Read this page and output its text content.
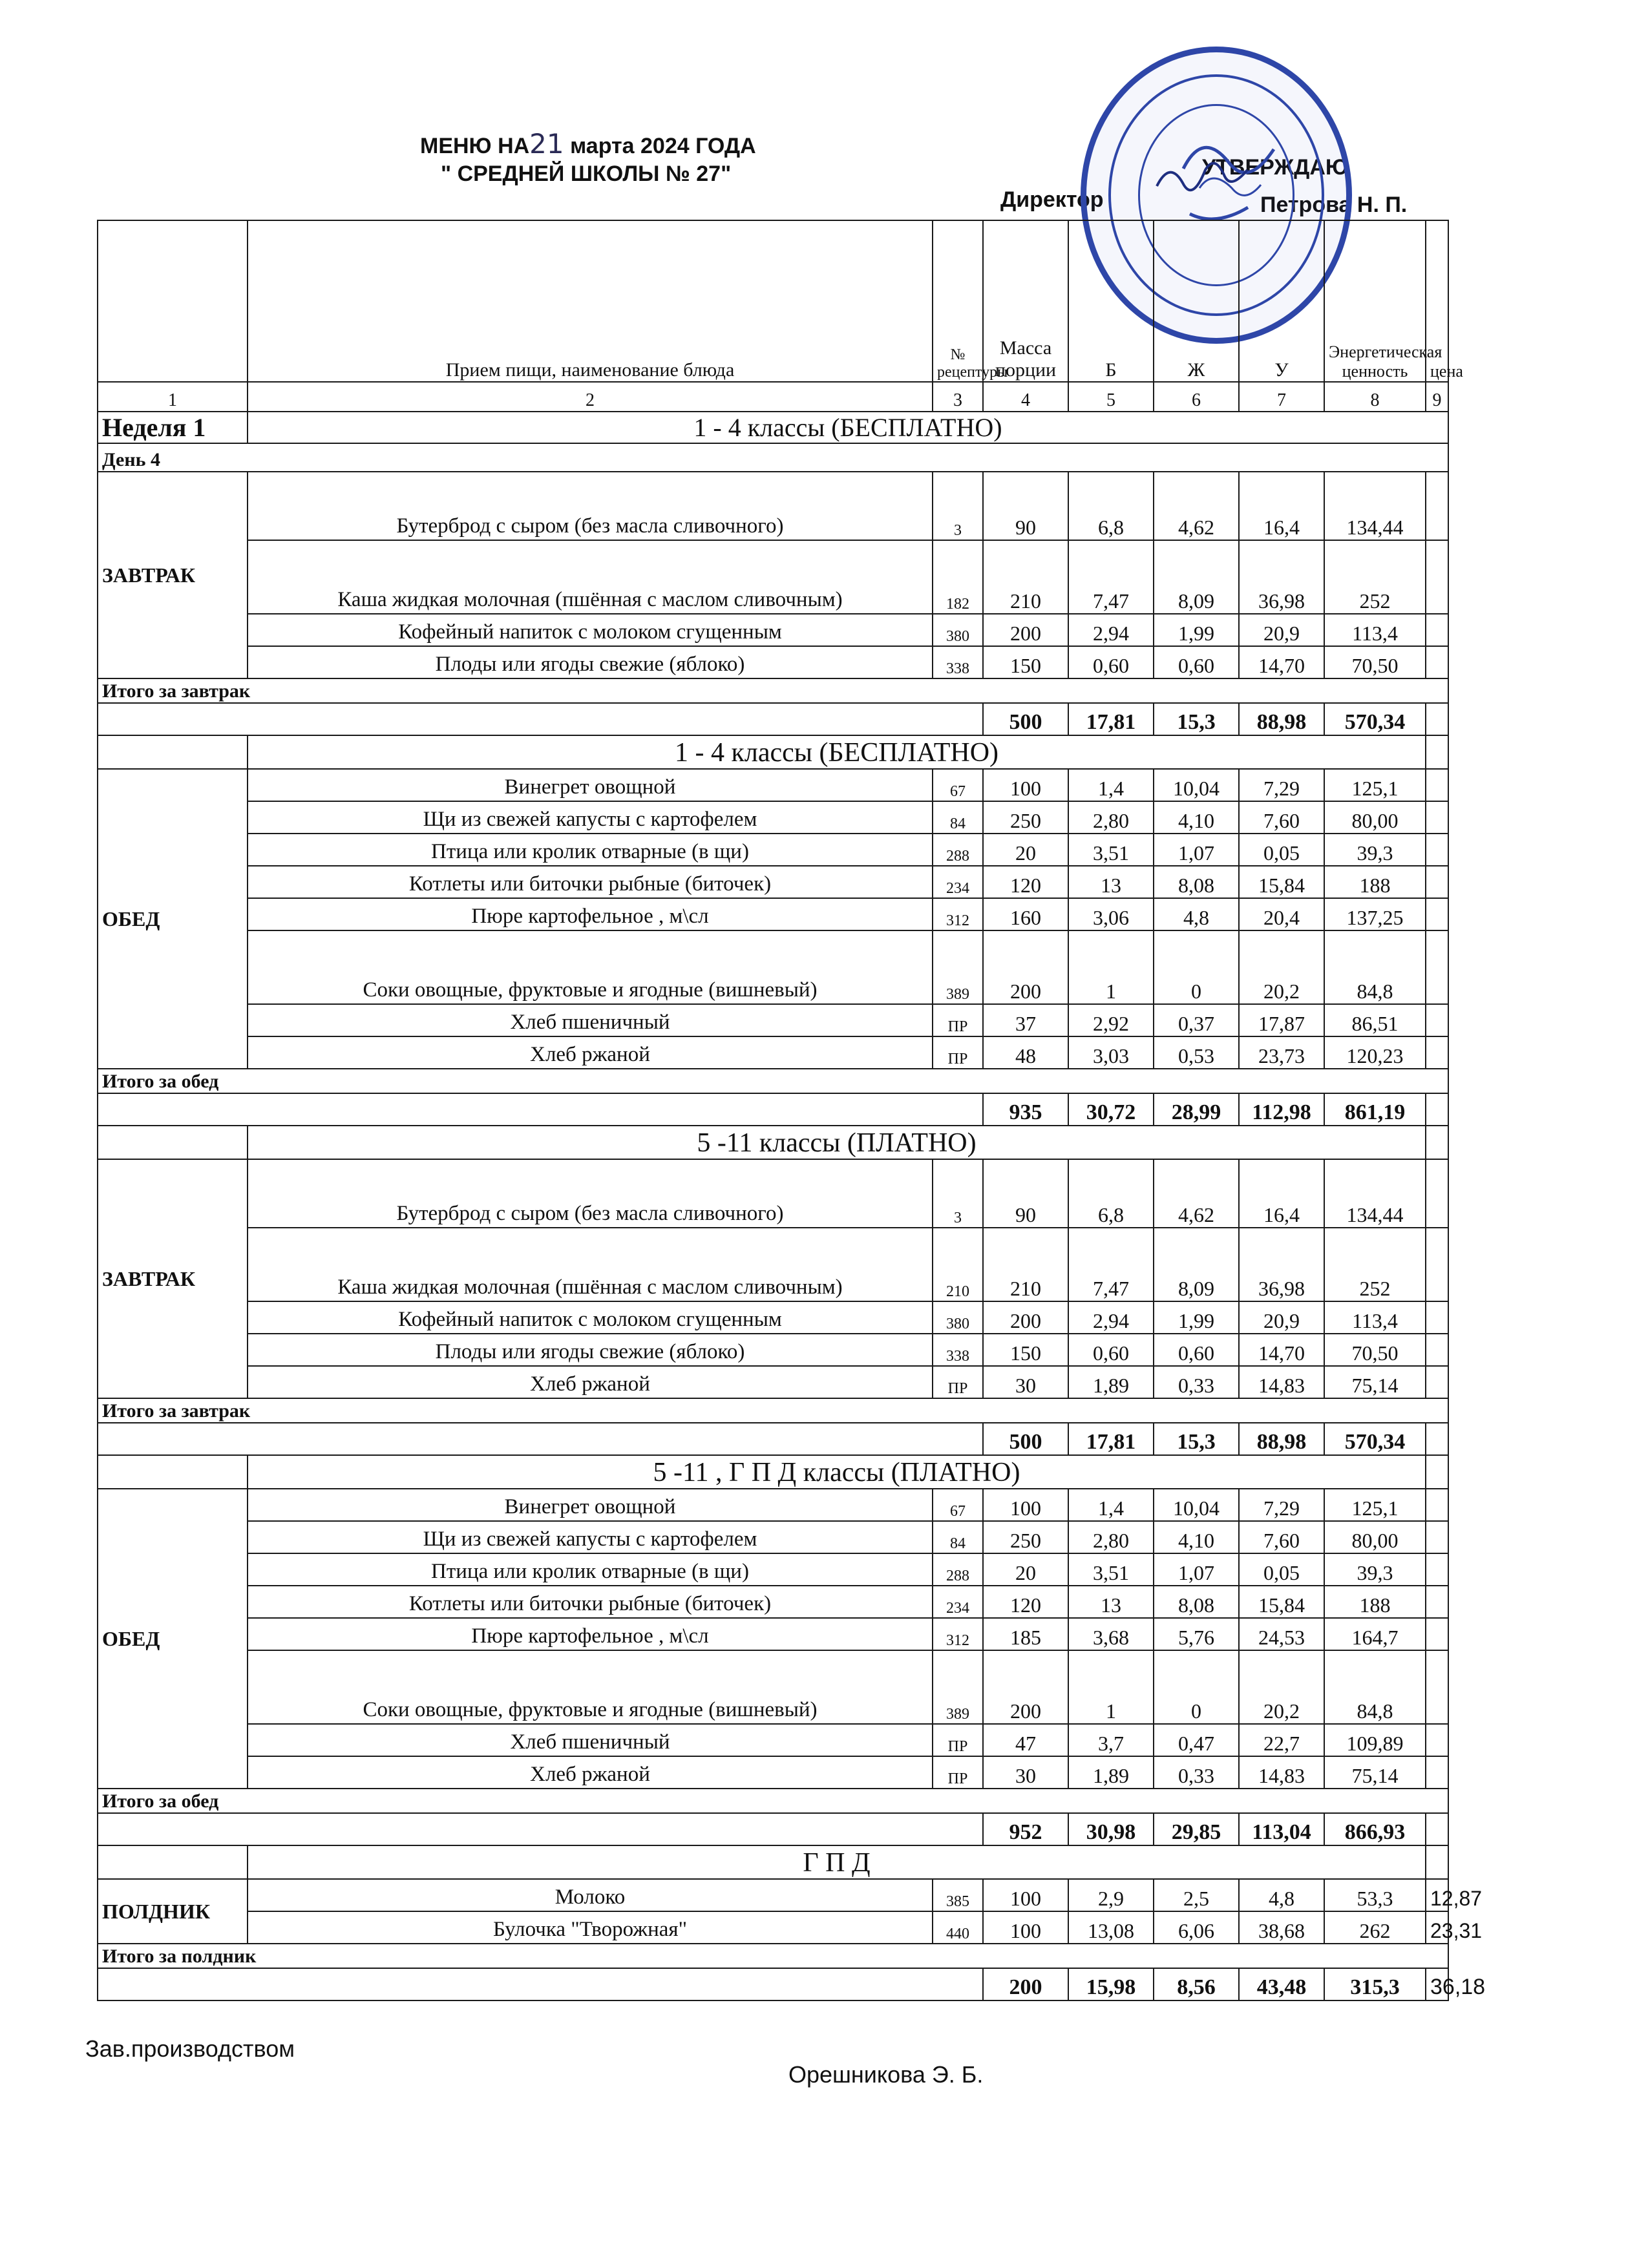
МЕНЮ НА21 марта 2024 ГОДА
" СРЕДНЕЙ ШКОЛЫ № 27"	УТВЕРЖДАЮ
Директор	Петрова Н. П.
	Прием пищи, наименование блюда	№ рецептуры	Масса порции	Б	Ж	У	Энергетическая ценность	цена
1	2	3	4	5	6	7	8	9
Неделя 1	1 - 4 классы (БЕСПЛАТНО)							
День 4								
ЗАВТРАК	Бутерброд с сыром (без масла сливочного)	3	90	6,8	4,62	16,4	134,44	
	Каша жидкая молочная (пшённая с маслом сливочным)	182	210	7,47	8,09	36,98	252	
	Кофейный напиток с молоком сгущенным	380	200	2,94	1,99	20,9	113,4	
	Плоды или ягоды свежие (яблоко)	338	150	0,60	0,60	14,70	70,50	
Итого за завтрак								
			500	17,81	15,3	88,98	570,34	
	1 - 4 классы (БЕСПЛАТНО)							
ОБЕД	Винегрет овощной	67	100	1,4	10,04	7,29	125,1	
	Щи из свежей капусты с картофелем	84	250	2,80	4,10	7,60	80,00	
	Птица или кролик отварные (в щи)	288	20	3,51	1,07	0,05	39,3	
	Котлеты или биточки рыбные (биточек)	234	120	13	8,08	15,84	188	
	Пюре картофельное , м\сл	312	160	3,06	4,8	20,4	137,25	
	Соки овощные, фруктовые и ягодные (вишневый)	389	200	1	0	20,2	84,8	
	Хлеб пшеничный	ПР	37	2,92	0,37	17,87	86,51	
	Хлеб ржаной	ПР	48	3,03	0,53	23,73	120,23	
Итого за обед								
			935	30,72	28,99	112,98	861,19	
	5 -11 классы (ПЛАТНО)							
ЗАВТРАК	Бутерброд с сыром (без масла сливочного)	3	90	6,8	4,62	16,4	134,44	
	Каша жидкая молочная (пшённая с маслом сливочным)	210	210	7,47	8,09	36,98	252	
	Кофейный напиток с молоком сгущенным	380	200	2,94	1,99	20,9	113,4	
	Плоды или ягоды свежие (яблоко)	338	150	0,60	0,60	14,70	70,50	
	Хлеб ржаной	ПР	30	1,89	0,33	14,83	75,14	
Итого за завтрак								
			500	17,81	15,3	88,98	570,34	
	5 -11 , Г П Д классы (ПЛАТНО)							
ОБЕД	Винегрет овощной	67	100	1,4	10,04	7,29	125,1	
	Щи из свежей капусты с картофелем	84	250	2,80	4,10	7,60	80,00	
	Птица или кролик отварные (в щи)	288	20	3,51	1,07	0,05	39,3	
	Котлеты или биточки рыбные (биточек)	234	120	13	8,08	15,84	188	
	Пюре картофельное , м\сл	312	185	3,68	5,76	24,53	164,7	
	Соки овощные, фруктовые и ягодные (вишневый)	389	200	1	0	20,2	84,8	
	Хлеб пшеничный	ПР	47	3,7	0,47	22,7	109,89	
	Хлеб ржаной	ПР	30	1,89	0,33	14,83	75,14	
Итого за обед								
			952	30,98	29,85	113,04	866,93	
	Г П Д							
ПОЛДНИК	Молоко	385	100	2,9	2,5	4,8	53,3	12,87
	Булочка "Творожная"	440	100	13,08	6,06	38,68	262	23,31
Итого за полдник								
			200	15,98	8,56	43,48	315,3	36,18
Зав.производством
Орешникова Э. Б.
